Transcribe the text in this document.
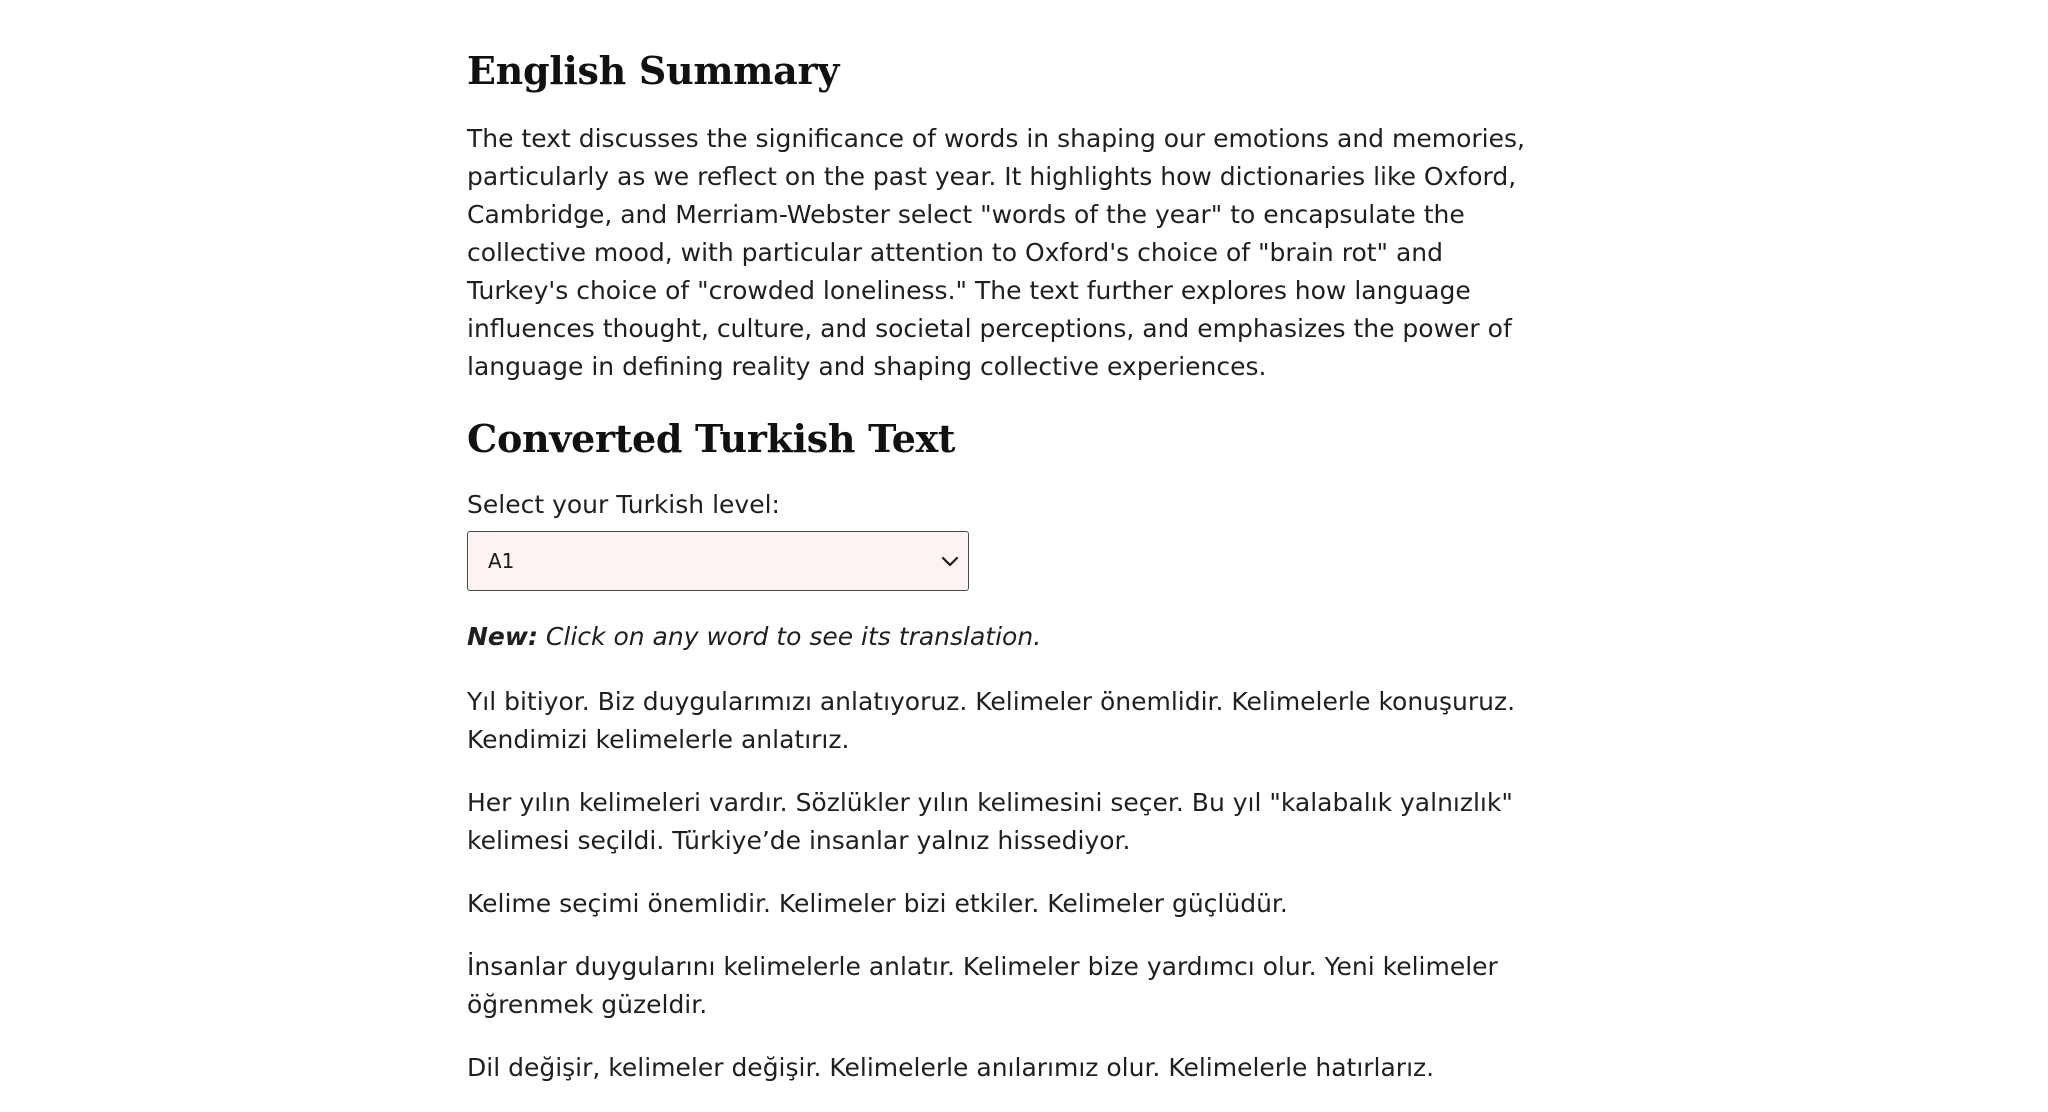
English Summary

The text discusses the significance of words in shaping our emotions and memories, particularly as we reflect on the past year. It highlights how dictionaries like Oxford, Cambridge, and Merriam-Webster select "words of the year" to encapsulate the collective mood, with particular attention to Oxford's choice of "brain rot" and Turkey's choice of "crowded loneliness." The text further explores how language influences thought, culture, and societal perceptions, and emphasizes the power of language in defining reality and shaping collective experiences.

Converted Turkish Text
Select your Turkish level:
A1
New: Click on any word to see its translation.

Yıl bitiyor. Biz duygularımızı anlatıyoruz. Kelimeler önemlidir. Kelimelerle konuşuruz. Kendimizi kelimelerle anlatırız.

Her yılın kelimeleri vardır. Sözlükler yılın kelimesini seçer. Bu yıl "kalabalık yalnızlık" kelimesi seçildi. Türkiye’de insanlar yalnız hissediyor.

Kelime seçimi önemlidir. Kelimeler bizi etkiler. Kelimeler güçlüdür.

İnsanlar duygularını kelimelerle anlatır. Kelimeler bize yardımcı olur. Yeni kelimeler öğrenmek güzeldir.

Dil değişir, kelimeler değişir. Kelimelerle anılarımız olur. Kelimelerle hatırlarız.
